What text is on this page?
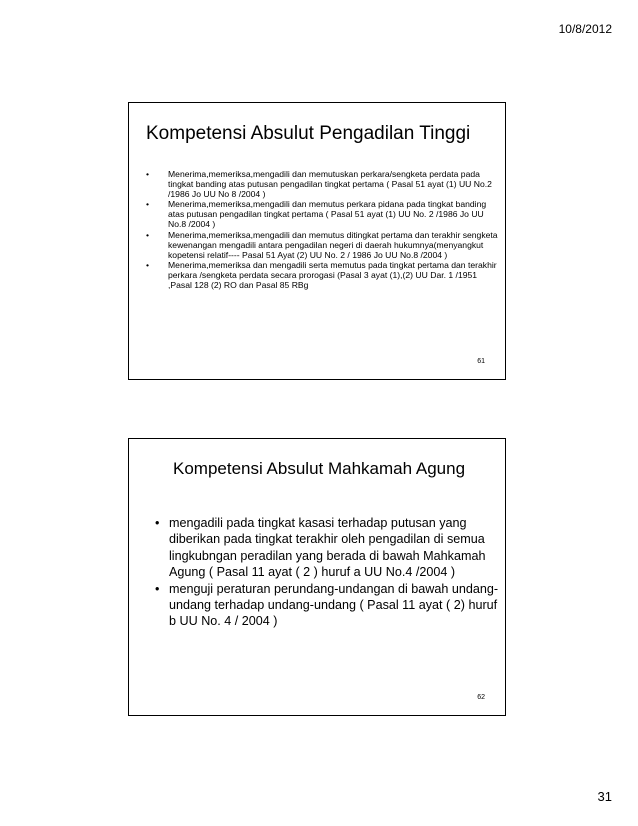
10/8/2012
Kompetensi Absulut Pengadilan Tinggi
• Menerima,memeriksa,mengadili dan memutuskan perkara/sengketa perdata pada tingkat banding atas putusan pengadilan tingkat pertama ( Pasal 51 ayat (1) UU No.2 /1986 Jo UU No 8 /2004 )
• Menerima,memeriksa,mengadili dan memutus perkara pidana pada tingkat banding atas putusan pengadilan tingkat pertama ( Pasal 51 ayat (1) UU No. 2 /1986 Jo UU No.8 /2004 )
• Menerima,memeriksa,mengadili dan memutus ditingkat pertama dan terakhir sengketa kewenangan mengadili antara pengadilan negeri di daerah hukumnya(menyangkut kopetensi relatif---- Pasal 51 Ayat (2) UU No. 2 / 1986 Jo UU No.8 /2004 )
• Menerima,memeriksa dan mengadili serta memutus pada tingkat pertama dan terakhir perkara /sengketa perdata secara prorogasi (Pasal 3 ayat (1),(2) UU Dar. 1 /1951 ,Pasal 128 (2) RO dan Pasal 85 RBg
61
Kompetensi Absulut Mahkamah Agung
• mengadili pada tingkat kasasi terhadap putusan yang diberikan pada tingkat terakhir oleh pengadilan di semua lingkubngan peradilan yang berada di bawah Mahkamah Agung ( Pasal 11 ayat ( 2 ) huruf a UU No.4 /2004 )
• menguji peraturan perundang-undangan di bawah undang-undang terhadap undang-undang ( Pasal 11 ayat ( 2) huruf b UU No. 4 / 2004 )
62
31
